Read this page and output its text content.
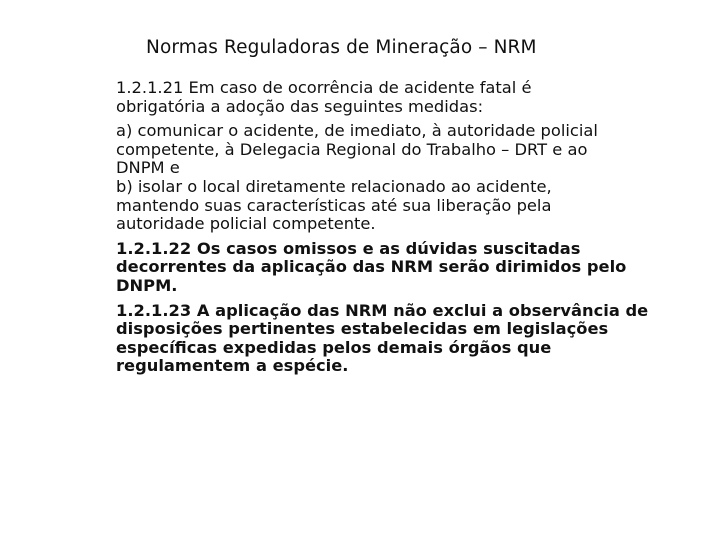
Normas Reguladoras de Mineração – NRM
1.2.1.21 Em caso de ocorrência de acidente fatal é
obrigatória a adoção das seguintes medidas:
a) comunicar o acidente, de imediato, à autoridade policial
competente, à Delegacia Regional do Trabalho – DRT e ao
DNPM e
b) isolar o local diretamente relacionado ao acidente,
mantendo suas características até sua liberação pela
autoridade policial competente.
1.2.1.22 Os casos omissos e as dúvidas suscitadas
decorrentes da aplicação das NRM serão dirimidos pelo
DNPM.
1.2.1.23 A aplicação das NRM não exclui a observância de
disposições pertinentes estabelecidas em legislações
específicas expedidas pelos demais órgãos que
regulamentem a espécie.
